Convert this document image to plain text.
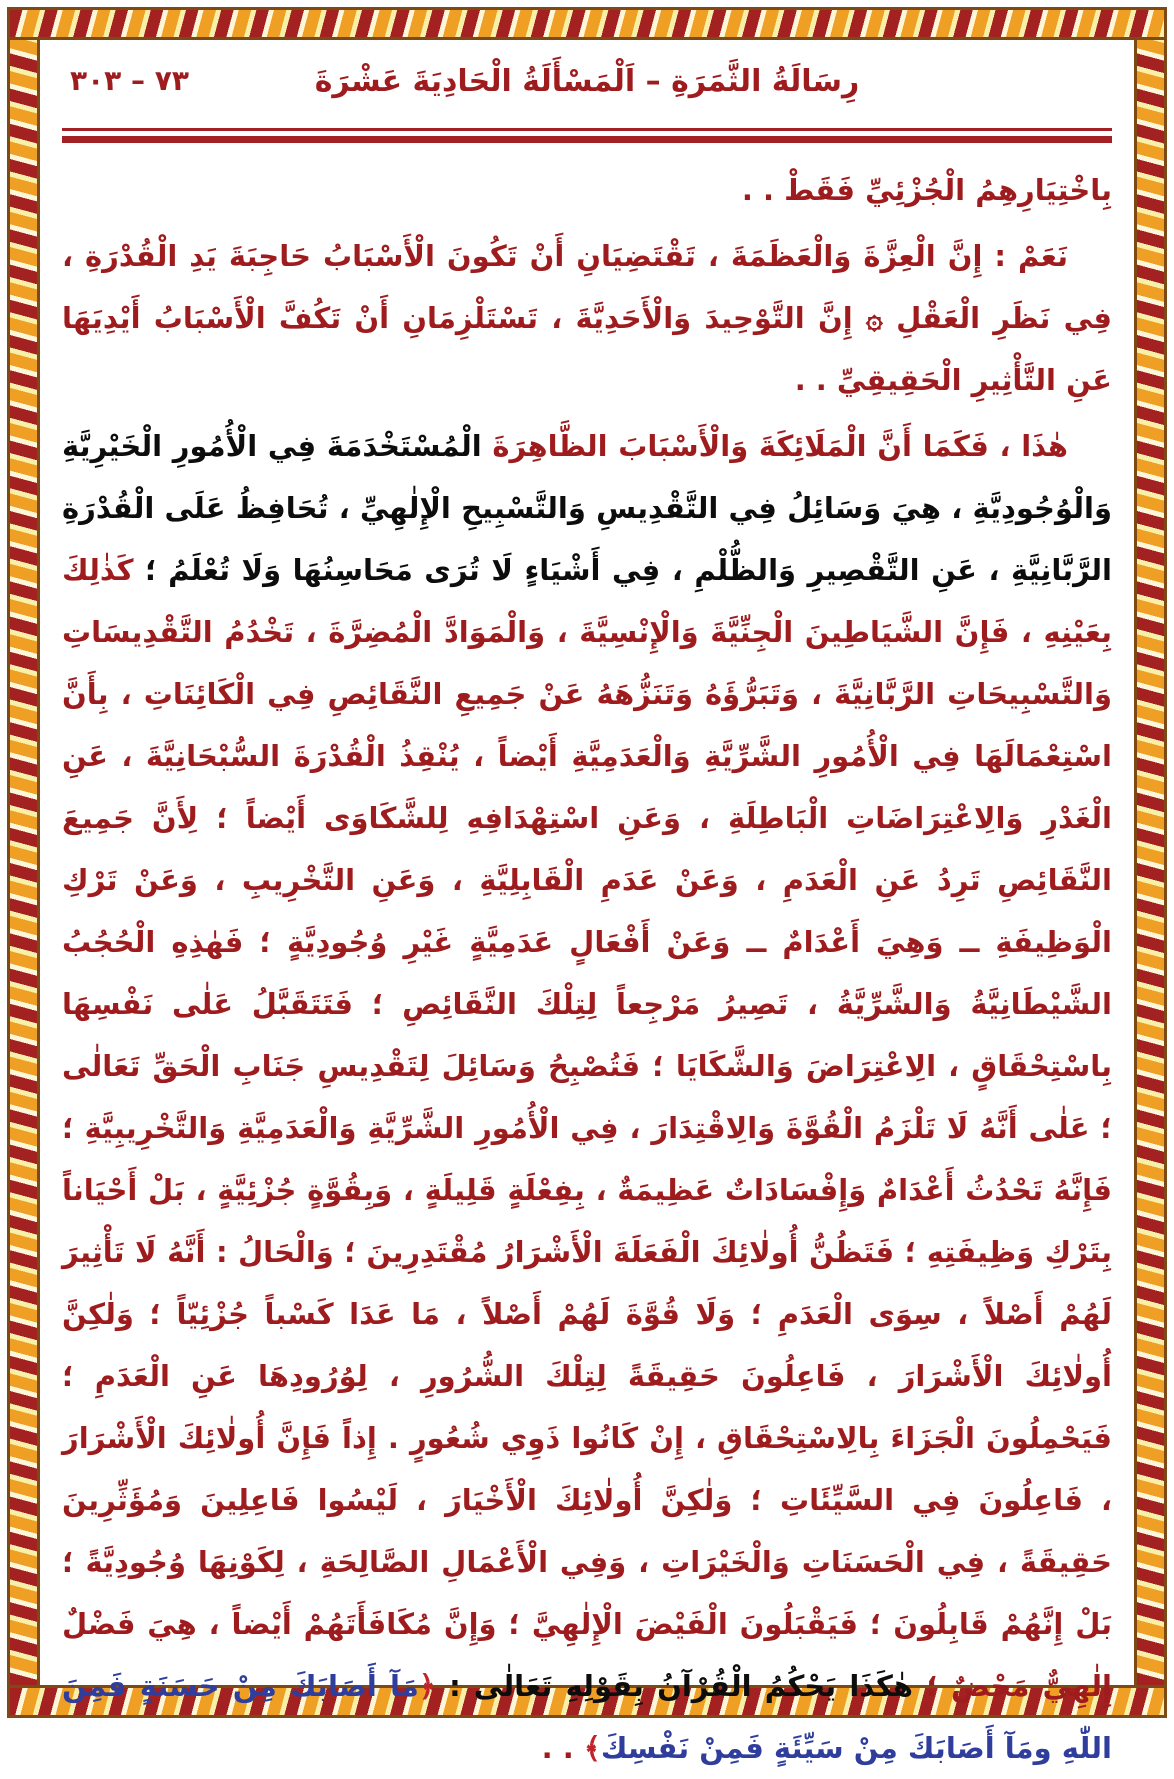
رِسَالَةُ الثَّمَرَةِ – اَلْمَسْأَلَةُ الْحَادِيَةَ عَشْرَةَ
٧٣ – ٣٠٣

بِاخْتِيَارِهِمُ الْجُزْئِيِّ فَقَطْ . .

نَعَمْ : إِنَّ الْعِزَّةَ وَالْعَظَمَةَ ، تَقْتَضِيَانِ أَنْ تَكُونَ الْأَسْبَابُ حَاجِبَةَ يَدِ الْقُدْرَةِ ، فِي نَظَرِ الْعَقْلِ ۞ إِنَّ التَّوْحِيدَ وَالْأَحَدِيَّةَ ، تَسْتَلْزِمَانِ أَنْ تَكُفَّ الْأَسْبَابُ أَيْدِيَهَا عَنِ التَّأْثِيرِ الْحَقِيقِيِّ . .

هٰذَا ، فَكَمَا أَنَّ الْمَلَائِكَةَ وَالْأَسْبَابَ الظَّاهِرَةَ الْمُسْتَخْدَمَةَ فِي الْأُمُورِ الْخَيْرِيَّةِ وَالْوُجُودِيَّةِ ، هِيَ وَسَائِلُ فِي التَّقْدِيسِ وَالتَّسْبِيحِ الْإِلٰهِيِّ ، تُحَافِظُ عَلَى الْقُدْرَةِ الرَّبَّانِيَّةِ ، عَنِ التَّقْصِيرِ وَالظُّلْمِ ، فِي أَشْيَاءٍ لَا تُرَى مَحَاسِنُهَا وَلَا تُعْلَمُ ؛ كَذٰلِكَ بِعَيْنِهِ ، فَإِنَّ الشَّيَاطِينَ الْجِنِّيَّةَ وَالْإِنْسِيَّةَ ، وَالْمَوَادَّ الْمُضِرَّةَ ، تَخْدُمُ التَّقْدِيسَاتِ وَالتَّسْبِيحَاتِ الرَّبَّانِيَّةَ ، وَتَبَرُّؤَهُ وَتَنَزُّهَهُ عَنْ جَمِيعِ النَّقَائِصِ فِي الْكَائِنَاتِ ، بِأَنَّ اسْتِعْمَالَهَا فِي الْأُمُورِ الشَّرِّيَّةِ وَالْعَدَمِيَّةِ أَيْضاً ، يُنْقِذُ الْقُدْرَةَ السُّبْحَانِيَّةَ ، عَنِ الْغَدْرِ وَالِاعْتِرَاضَاتِ الْبَاطِلَةِ ، وَعَنِ اسْتِهْدَافِهِ لِلشَّكَاوَى أَيْضاً ؛ لِأَنَّ جَمِيعَ النَّقَائِصِ تَرِدُ عَنِ الْعَدَمِ ، وَعَنْ عَدَمِ الْقَابِلِيَّةِ ، وَعَنِ التَّخْرِيبِ ، وَعَنْ تَرْكِ الْوَظِيفَةِ ــ وَهِيَ أَعْدَامٌ ــ وَعَنْ أَفْعَالٍ عَدَمِيَّةٍ غَيْرِ وُجُودِيَّةٍ ؛ فَهٰذِهِ الْحُجُبُ الشَّيْطَانِيَّةُ وَالشَّرِّيَّةُ ، تَصِيرُ مَرْجِعاً لِتِلْكَ النَّقَائِصِ ؛ فَتَتَقَبَّلُ عَلٰى نَفْسِهَا بِاسْتِحْقَاقٍ ، الِاعْتِرَاضَ وَالشَّكَايَا ؛ فَتُصْبِحُ وَسَائِلَ لِتَقْدِيسِ جَنَابِ الْحَقِّ تَعَالٰى ؛ عَلٰى أَنَّهُ لَا تَلْزَمُ الْقُوَّةَ وَالِاقْتِدَارَ ، فِي الْأُمُورِ الشَّرِّيَّةِ وَالْعَدَمِيَّةِ وَالتَّخْرِيبِيَّةِ ؛ فَإِنَّهُ تَحْدُثُ أَعْدَامٌ وَإِفْسَادَاتٌ عَظِيمَةٌ ، بِفِعْلَةٍ قَلِيلَةٍ ، وَبِقُوَّةٍ جُزْئِيَّةٍ ، بَلْ أَحْيَاناً بِتَرْكِ وَظِيفَتِهِ ؛ فَتَظُنُّ أُولٰائِكَ الْفَعَلَةَ الْأَشْرَارُ مُقْتَدِرِينَ ؛ وَالْحَالُ : أَنَّهُ لَا تَأْثِيرَ لَهُمْ أَصْلاً ، سِوَى الْعَدَمِ ؛ وَلَا قُوَّةَ لَهُمْ أَصْلاً ، مَا عَدَا كَسْباً جُزْئِيّاً ؛ وَلٰكِنَّ أُولٰائِكَ الْأَشْرَارَ ، فَاعِلُونَ حَقِيقَةً لِتِلْكَ الشُّرُورِ ، لِوُرُودِهَا عَنِ الْعَدَمِ ؛ فَيَحْمِلُونَ الْجَزَاءَ بِالِاسْتِحْقَاقِ ، إِنْ كَانُوا ذَوِي شُعُورٍ . إِذاً فَإِنَّ أُولٰائِكَ الْأَشْرَارَ ، فَاعِلُونَ فِي السَّيِّئَاتِ ؛ وَلٰكِنَّ أُولٰائِكَ الْأَخْيَارَ ، لَيْسُوا فَاعِلِينَ وَمُؤَثِّرِينَ حَقِيقَةً ، فِي الْحَسَنَاتِ وَالْخَيْرَاتِ ، وَفِي الْأَعْمَالِ الصَّالِحَةِ ، لِكَوْنِهَا وُجُودِيَّةً ؛ بَلْ إِنَّهُمْ قَابِلُونَ ؛ فَيَقْبَلُونَ الْفَيْضَ الْإِلٰهِيَّ ؛ وَإِنَّ مُكَافَأَتَهُمْ أَيْضاً ، هِيَ فَضْلٌ إِلٰهِيٌّ مَحْضٌ ؛ هٰكَذَا يَحْكُمُ الْقُرْآنُ بِقَوْلِهِ تَعَالٰى : ﴿مَآ أَصَابَكَ مِنْ حَسَنَةٍ فَمِنَ اللّٰهِ ومَآ أَصَابَكَ مِنْ سَيِّئَةٍ فَمِنْ نَفْسِكَ﴾ . .
